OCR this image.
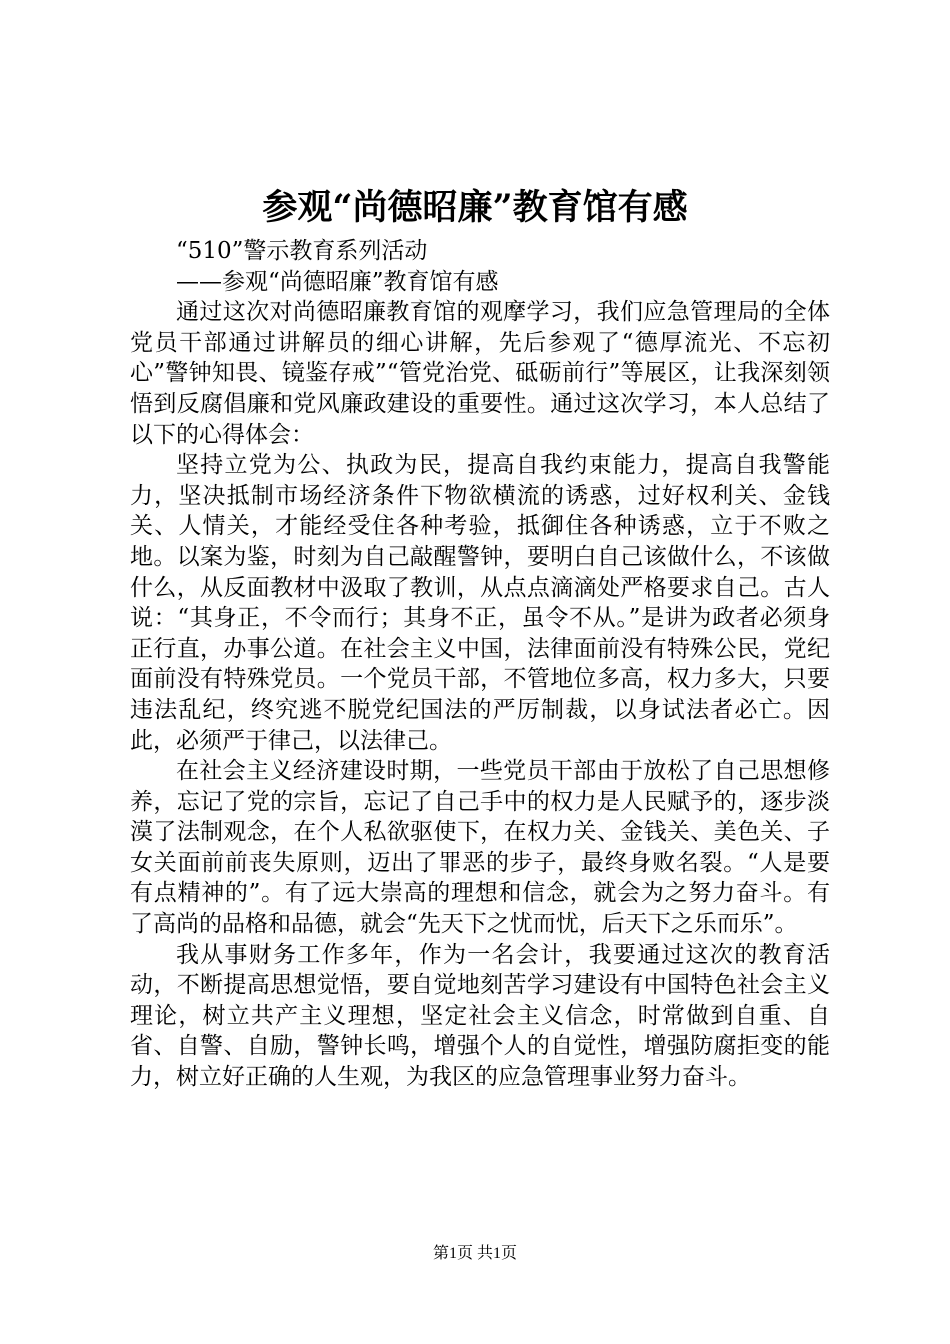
参观“尚德昭廉”教育馆有感

“510”警示教育系列活动

——参观“尚德昭廉”教育馆有感

通过这次对尚德昭廉教育馆的观摩学习，我们应急管理局的全体党员干部通过讲解员的细心讲解，先后参观了“德厚流光、不忘初心”警钟知畏、镜鉴存戒”“管党治党、砥砺前行”等展区，让我深刻领悟到反腐倡廉和党风廉政建设的重要性。通过这次学习，本人总结了以下的心得体会：

坚持立党为公、执政为民，提高自我约束能力，提高自我警能力，坚决抵制市场经济条件下物欲横流的诱惑，过好权利关、金钱关、人情关，才能经受住各种考验，抵御住各种诱惑，立于不败之地。以案为鉴，时刻为自己敲醒警钟，要明白自己该做什么，不该做什么，从反面教材中汲取了教训，从点点滴滴处严格要求自己。古人说：“其身正，不令而行；其身不正，虽令不从。”是讲为政者必须身正行直，办事公道。在社会主义中国，法律面前没有特殊公民，党纪面前没有特殊党员。一个党员干部，不管地位多高，权力多大，只要违法乱纪，终究逃不脱党纪国法的严厉制裁，以身试法者必亡。因此，必须严于律己，以法律己。

在社会主义经济建设时期，一些党员干部由于放松了自己思想修养，忘记了党的宗旨，忘记了自己手中的权力是人民赋予的，逐步淡漠了法制观念，在个人私欲驱使下，在权力关、金钱关、美色关、子女关面前前丧失原则，迈出了罪恶的步子，最终身败名裂。“人是要有点精神的”。有了远大崇高的理想和信念，就会为之努力奋斗。有了高尚的品格和品德，就会“先天下之忧而忧，后天下之乐而乐”。

我从事财务工作多年，作为一名会计，我要通过这次的教育活动，不断提高思想觉悟，要自觉地刻苦学习建设有中国特色社会主义理论，树立共产主义理想，坚定社会主义信念，时常做到自重、自省、自警、自励，警钟长鸣，增强个人的自觉性，增强防腐拒变的能力，树立好正确的人生观，为我区的应急管理事业努力奋斗。

第1页 共1页
